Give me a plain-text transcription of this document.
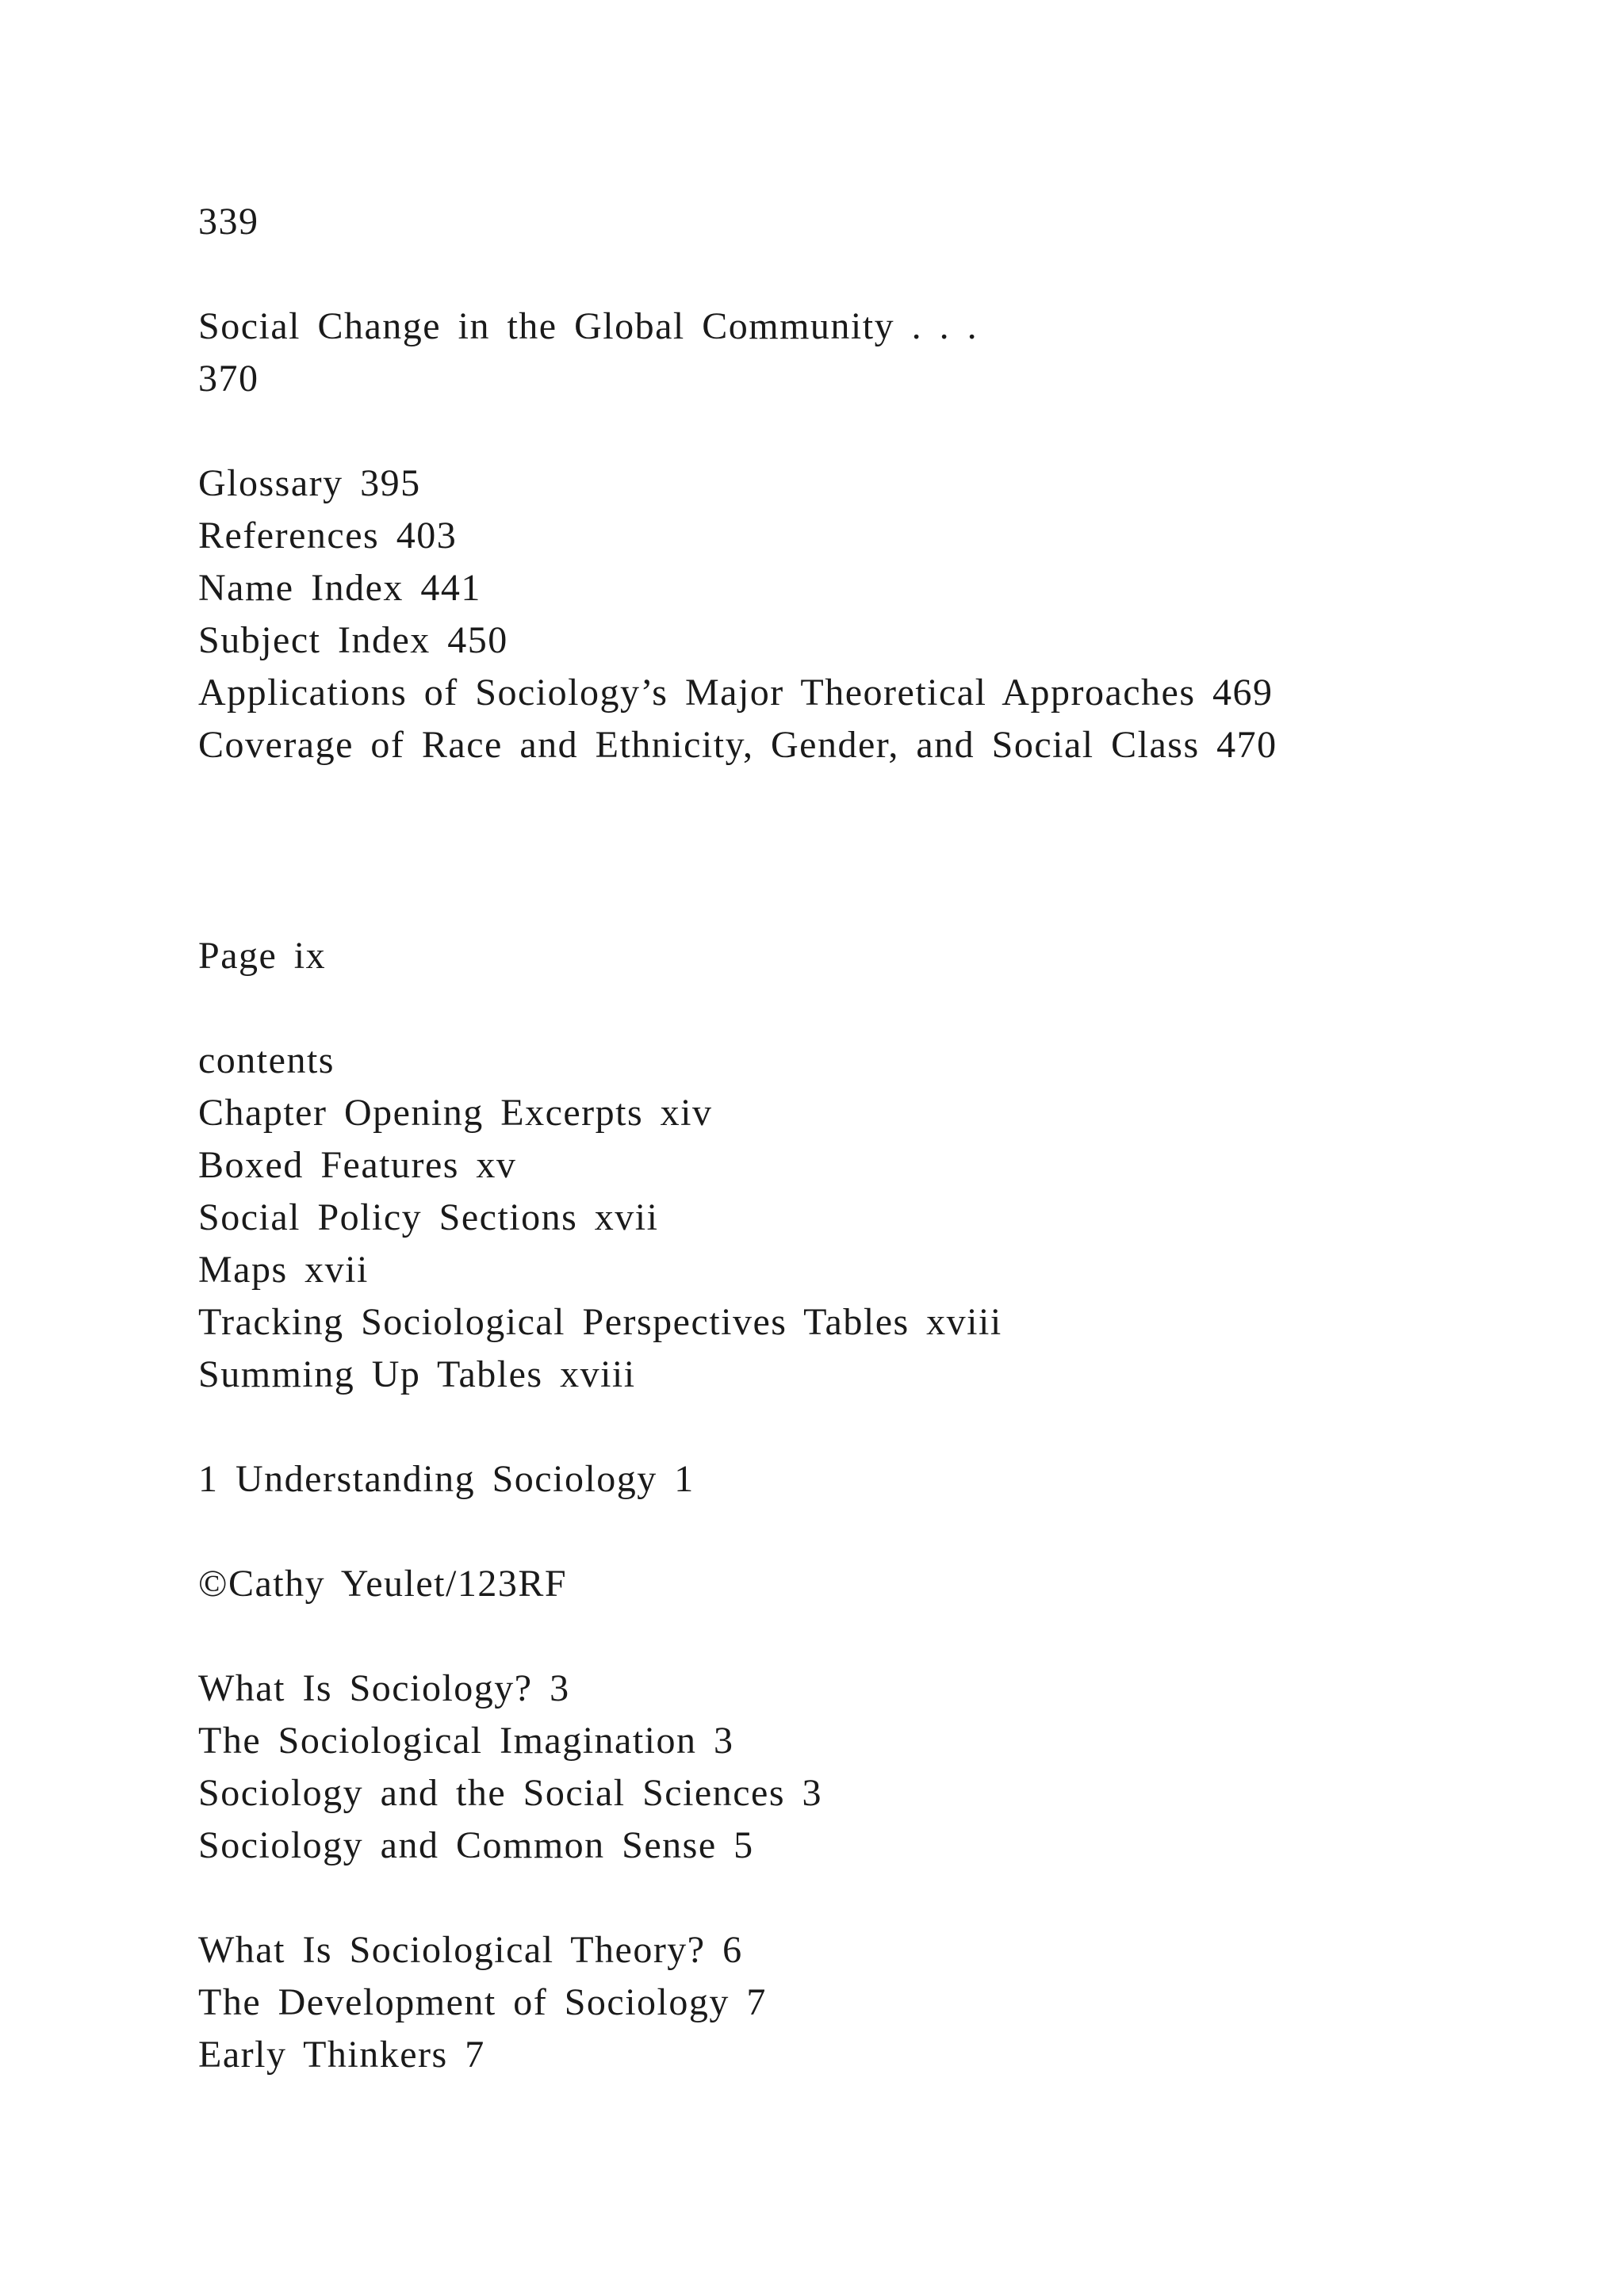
339

Social Change in the Global Community . . .

370

Glossary 395

References 403

Name Index 441

Subject Index 450

Applications of Sociology’s Major Theoretical Approaches 469

Coverage of Race and Ethnicity, Gender, and Social Class 470

Page ix

contents

Chapter Opening Excerpts xiv

Boxed Features xv

Social Policy Sections xvii

Maps xvii

Tracking Sociological Perspectives Tables xviii

Summing Up Tables xviii

1 Understanding Sociology 1

©Cathy Yeulet/123RF

What Is Sociology? 3

The Sociological Imagination 3

Sociology and the Social Sciences 3

Sociology and Common Sense 5

What Is Sociological Theory? 6

The Development of Sociology 7

Early Thinkers 7
